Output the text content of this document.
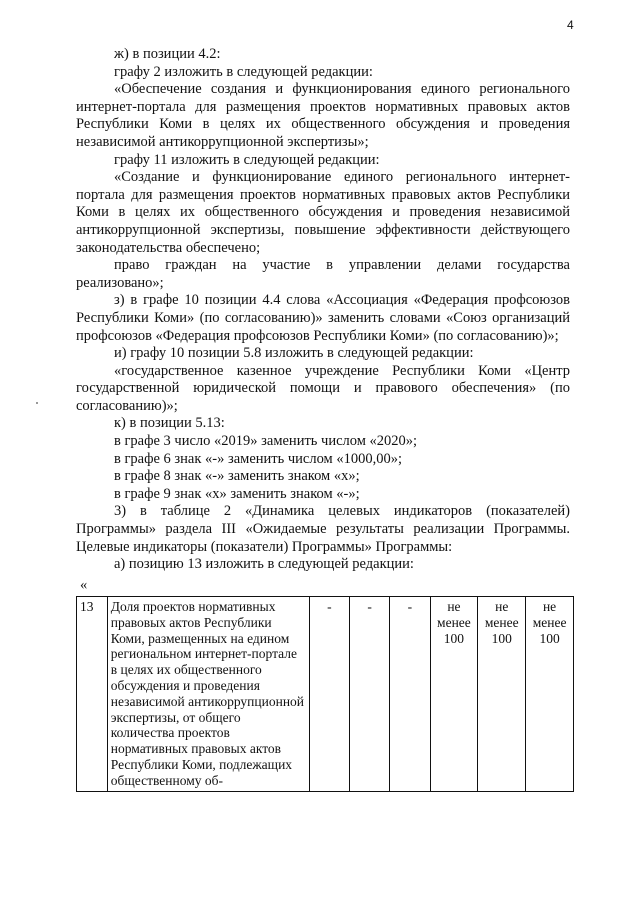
4

ж) в позиции 4.2:

графу 2 изложить в следующей редакции:

«Обеспечение создания и функционирования единого регионального интернет-портала для размещения проектов нормативных правовых актов Республики Коми в целях их общественного обсуждения и проведения независимой антикоррупционной экспертизы»;

графу 11 изложить в следующей редакции:

«Создание и функционирование единого регионального интернет-портала для размещения проектов нормативных правовых актов Республики Коми в целях их общественного обсуждения и проведения независимой антикоррупционной экспертизы, повышение эффективности действующего законодательства обеспечено;

право граждан на участие в управлении делами государства реализовано»;

з) в графе 10 позиции 4.4 слова «Ассоциация «Федерация профсоюзов Республики Коми» (по согласованию)» заменить словами «Союз организаций профсоюзов «Федерация профсоюзов Республики Коми» (по согласованию)»;

и) графу 10 позиции 5.8 изложить в следующей редакции:

«государственное казенное учреждение Республики Коми «Центр государственной юридической помощи и правового обеспечения» (по согласованию)»;

к) в позиции 5.13:

в графе 3 число «2019» заменить числом «2020»;

в графе 6 знак «-» заменить числом «1000,00»;

в графе 8 знак «-» заменить знаком «х»;

в графе 9 знак «х» заменить знаком «-»;

3) в таблице 2 «Динамика целевых индикаторов (показателей) Программы» раздела III «Ожидаемые результаты реализации Программы. Целевые индикаторы (показатели) Программы» Программы:

а) позицию 13 изложить в следующей редакции:

«
13	Доля проектов нормативных правовых актов Республики Коми, размещенных на едином региональном интернет-портале в целях их общественного обсуждения и проведения независимой антикоррупционной экспертизы, от общего количества проектов нормативных правовых актов Республики Коми, подлежащих общественному об-	-	-	-	не менее 100	не менее 100	не менее 100
